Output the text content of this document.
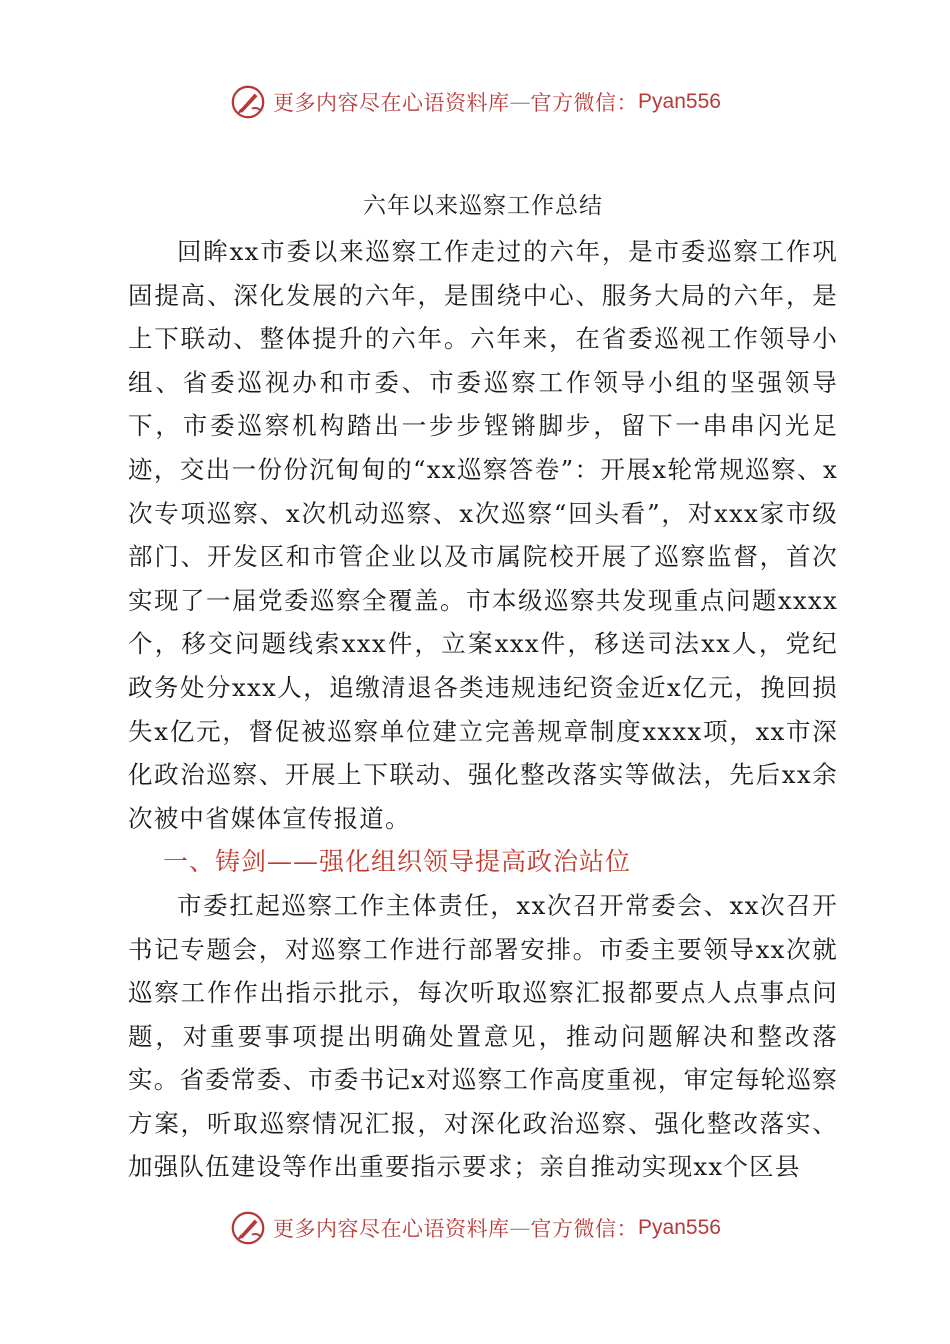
更多内容尽在心语资料库 — 官方微信： Pyan556

六年以来巡察工作总结

回眸xx市委以来巡察工作走过的六年，是市委巡察工作巩固提高、深化发展的六年，是围绕中心、服务大局的六年，是上下联动、整体提升的六年。六年来，在省委巡视工作领导小组、省委巡视办和市委、市委巡察工作领导小组的坚强领导下，市委巡察机构踏出一步步铿锵脚步，留下一串串闪光足迹，交出一份份沉甸甸的“xx巡察答卷”：开展x轮常规巡察、x次专项巡察、x次机动巡察、x次巡察“回头看”，对xxx家市级部门、开发区和市管企业以及市属院校开展了巡察监督，首次实现了一届党委巡察全覆盖。市本级巡察共发现重点问题xxxx个，移交问题线索xxx件，立案xxx件，移送司法xx人，党纪政务处分xxx人，追缴清退各类违规违纪资金近x亿元，挽回损失x亿元，督促被巡察单位建立完善规章制度xxxx项，xx市深化政治巡察、开展上下联动、强化整改落实等做法，先后xx余次被中省媒体宣传报道。

一、铸剑——强化组织领导提高政治站位

市委扛起巡察工作主体责任，xx次召开常委会、xx次召开书记专题会，对巡察工作进行部署安排。市委主要领导xx次就巡察工作作出指示批示，每次听取巡察汇报都要点人点事点问题，对重要事项提出明确处置意见，推动问题解决和整改落实。省委常委、市委书记x对巡察工作高度重视，审定每轮巡察方案，听取巡察情况汇报，对深化政治巡察、强化整改落实、加强队伍建设等作出重要指示要求；亲自推动实现xx个区县

更多内容尽在心语资料库 — 官方微信： Pyan556
